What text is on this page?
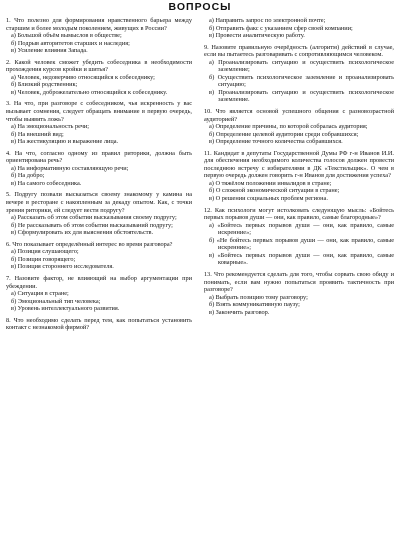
ВОПРОСЫ
1. Что полезно для формирования нравственного барьера между старшим и более молодым поколением, живущих в России?
а) Большой объём вымыслов в обществе;
б) Подрыв авторитетов старших и наследия;
в) Усиление влияния Запада.
2. Какой человек сможет убедить собеседника в необходимости прохождения курсов кройки и шитья?
а) Человек, недоверчиво относящийся к собеседнику;
б) Близкий родственник;
в) Человек, доброжелательно относящийся к собеседнику.
3. На что, при разговоре с собеседником, чья искренность у вас вызывает сомнения, следует обращать внимание в первую очередь, чтобы выявить ложь?
а) На эмоциональность речи;
б) На внешний вид;
в) На жестикуляцию и выражение лица.
4. На что, согласно одному из правил риторики, должна быть ориентирована речь?
а) На информативную составляющую речи;
б) На добро;
в) На самого собеседника.
5. Подругу позвали высказаться своему знакомому у камина на вечере в ресторане с накопленным за декаду опытом. Как, с точки зрения риторики, ей следует вести подругу?
а) Рассказать об этом событии высказывания своему подругу;
б) Не рассказывать об этом событии высказываний подругу;
в) Сформулировать их для выяснения обстоятельств.
6. Что показывает определённый интерес во время разговора?
а) Позиция слушающего;
б) Позиция говорящего;
в) Позиция стороннего исследователя.
7. Назовите фактор, не влияющий на выбор аргументации при убеждении.
а) Ситуация в стране;
б) Эмоциональный тип человека;
в) Уровень интеллектуального развития.
8. Что необходимо сделать перед тем, как попытаться установить контакт с незнакомой фирмой?
а) Направить запрос по электронной почте;
б) Отправить факс с указанием сфер своей компании;
в) Провести аналитическую работу.
9. Назовите правильную очерёдность (алгоритм) действий в случае, если вы пытаетесь разговаривать с сопротивляющимся человеком.
а) Проанализировать ситуацию и осуществить психологическое заземление;
б) Осуществить психологическое заземление и проанализировать ситуацию;
в) Проанализировать ситуацию и осуществить психологическое заземление.
10. Что является основой успешного общения с разновозрастной аудиторией?
а) Определение причины, по которой собралась аудитория;
б) Определение целевой аудитории среди собравшихся;
в) Определение точного количества собравшихся.
11. Кандидат в депутаты Государственной Думы РФ г-н Иванов И.И. для обеспечения необходимого количества голосов должен провести последнюю встречу с избирателями в ДК «Текстильщик». О чем в первую очередь должен говорить г-н Иванов для достижения успеха?
а) О тяжёлом положении инвалидов в стране;
б) О сложной экономической ситуации в стране;
в) О решении социальных проблем региона.
12. Как психологи могут истолковать следующую мысль: «Бойтесь первых порывов души — они, как правило, самые благородные»?
а) «Бойтесь первых порывов души — они, как правило, самые искренние»;
б) «Не бойтесь первых порывов души — они, как правило, самые искренние»;
в) «Бойтесь первых порывов души — они, как правило, самые коварные».
13. Что рекомендуется сделать для того, чтобы сорвать свою обиду и понимать, если вам нужно попытаться проявить тактичность при разговоре?
а) Выбрать позицию тому разговору;
б) Взять коммуникативную паузу;
в) Закончить разговор.
